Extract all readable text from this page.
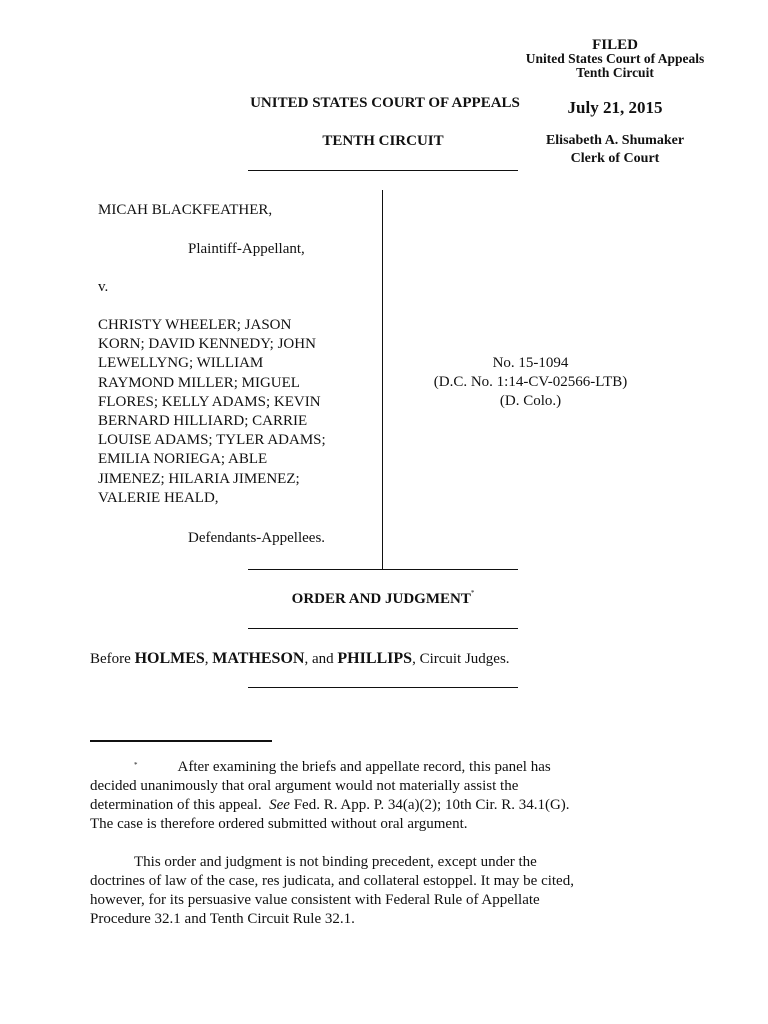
FILED
United States Court of Appeals
Tenth Circuit
July 21, 2015
Elisabeth A. Shumaker
Clerk of Court
UNITED STATES COURT OF APPEALS
TENTH CIRCUIT
MICAH BLACKFEATHER,
Plaintiff-Appellant,
v.
CHRISTY WHEELER; JASON
KORN; DAVID KENNEDY; JOHN
LEWELLYNG; WILLIAM
RAYMOND MILLER; MIGUEL
FLORES; KELLY ADAMS; KEVIN
BERNARD HILLIARD; CARRIE
LOUISE ADAMS; TYLER ADAMS;
EMILIA NORIEGA; ABLE
JIMENEZ; HILARIA JIMENEZ;
VALERIE HEALD,
Defendants-Appellees.
No. 15-1094
(D.C. No. 1:14-CV-02566-LTB)
(D. Colo.)
ORDER AND JUDGMENT*
Before HOLMES, MATHESON, and PHILLIPS, Circuit Judges.
*	After examining the briefs and appellate record, this panel has
decided unanimously that oral argument would not materially assist the
determination of this appeal. See Fed. R. App. P. 34(a)(2); 10th Cir. R. 34.1(G).
The case is therefore ordered submitted without oral argument.
This order and judgment is not binding precedent, except under the
doctrines of law of the case, res judicata, and collateral estoppel. It may be cited,
however, for its persuasive value consistent with Federal Rule of Appellate
Procedure 32.1 and Tenth Circuit Rule 32.1.
